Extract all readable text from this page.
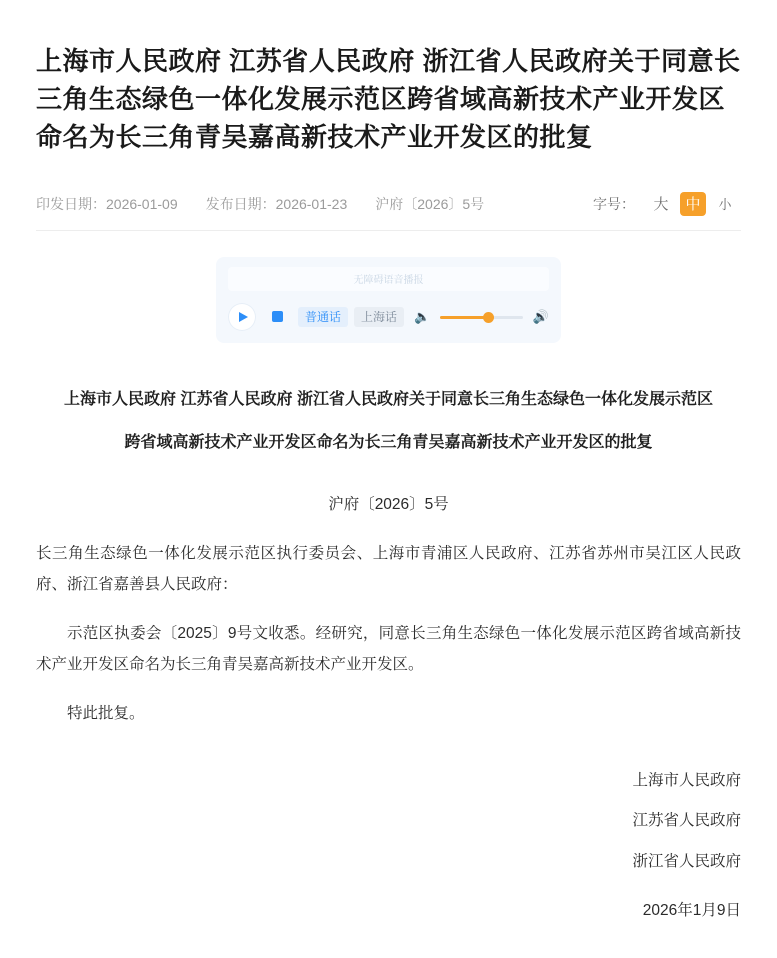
上海市人民政府 江苏省人民政府 浙江省人民政府关于同意长三角生态绿色一体化发展示范区跨省域高新技术产业开发区命名为长三角青吴嘉高新技术产业开发区的批复
印发日期：2026-01-09 发布日期：2026-01-23 沪府〔2026〕5号	字号：	大	中	小
无障碍语音播报
普通话	上海话	🔈	🔊
上海市人民政府 江苏省人民政府 浙江省人民政府关于同意长三角生态绿色一体化发展示范区
跨省域高新技术产业开发区命名为长三角青吴嘉高新技术产业开发区的批复
沪府〔2026〕5号

长三角生态绿色一体化发展示范区执行委员会、上海市青浦区人民政府、江苏省苏州市吴江区人民政府、浙江省嘉善县人民政府：

示范区执委会〔2025〕9号文收悉。经研究，同意长三角生态绿色一体化发展示范区跨省域高新技术产业开发区命名为长三角青吴嘉高新技术产业开发区。

特此批复。

上海市人民政府
江苏省人民政府
浙江省人民政府
2026年1月9日
